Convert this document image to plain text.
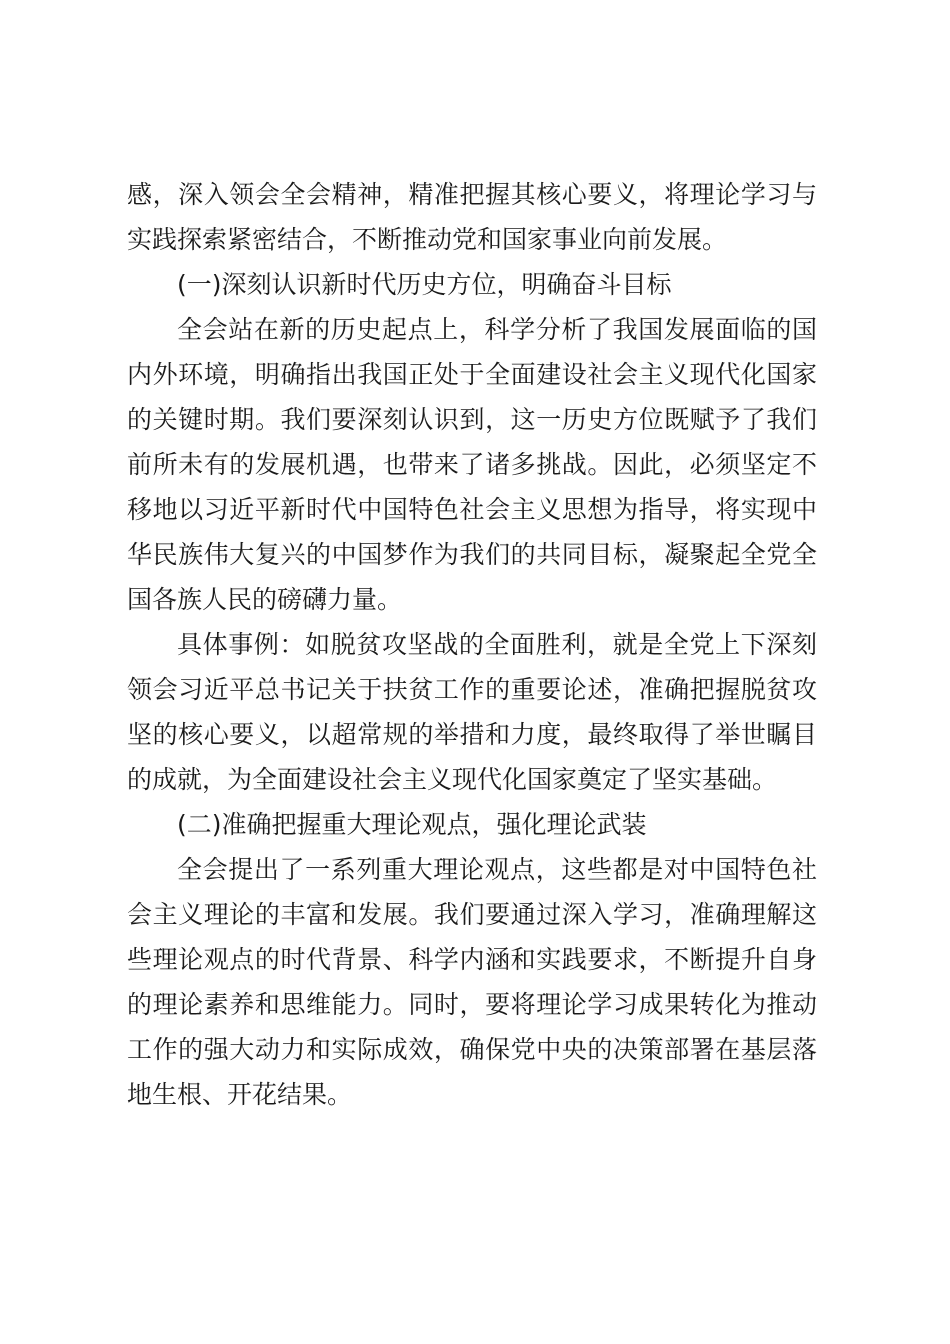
感，深入领会全会精神，精准把握其核心要义，将理论学习与
实践探索紧密结合，不断推动党和国家事业向前发展。
(一)深刻认识新时代历史方位，明确奋斗目标
全会站在新的历史起点上，科学分析了我国发展面临的国
内外环境，明确指出我国正处于全面建设社会主义现代化国家
的关键时期。我们要深刻认识到，这一历史方位既赋予了我们
前所未有的发展机遇，也带来了诸多挑战。因此，必须坚定不
移地以习近平新时代中国特色社会主义思想为指导，将实现中
华民族伟大复兴的中国梦作为我们的共同目标，凝聚起全党全
国各族人民的磅礴力量。
具体事例：如脱贫攻坚战的全面胜利，就是全党上下深刻
领会习近平总书记关于扶贫工作的重要论述，准确把握脱贫攻
坚的核心要义，以超常规的举措和力度，最终取得了举世瞩目
的成就，为全面建设社会主义现代化国家奠定了坚实基础。
(二)准确把握重大理论观点，强化理论武装
全会提出了一系列重大理论观点，这些都是对中国特色社
会主义理论的丰富和发展。我们要通过深入学习，准确理解这
些理论观点的时代背景、科学内涵和实践要求，不断提升自身
的理论素养和思维能力。同时，要将理论学习成果转化为推动
工作的强大动力和实际成效，确保党中央的决策部署在基层落
地生根、开花结果。
